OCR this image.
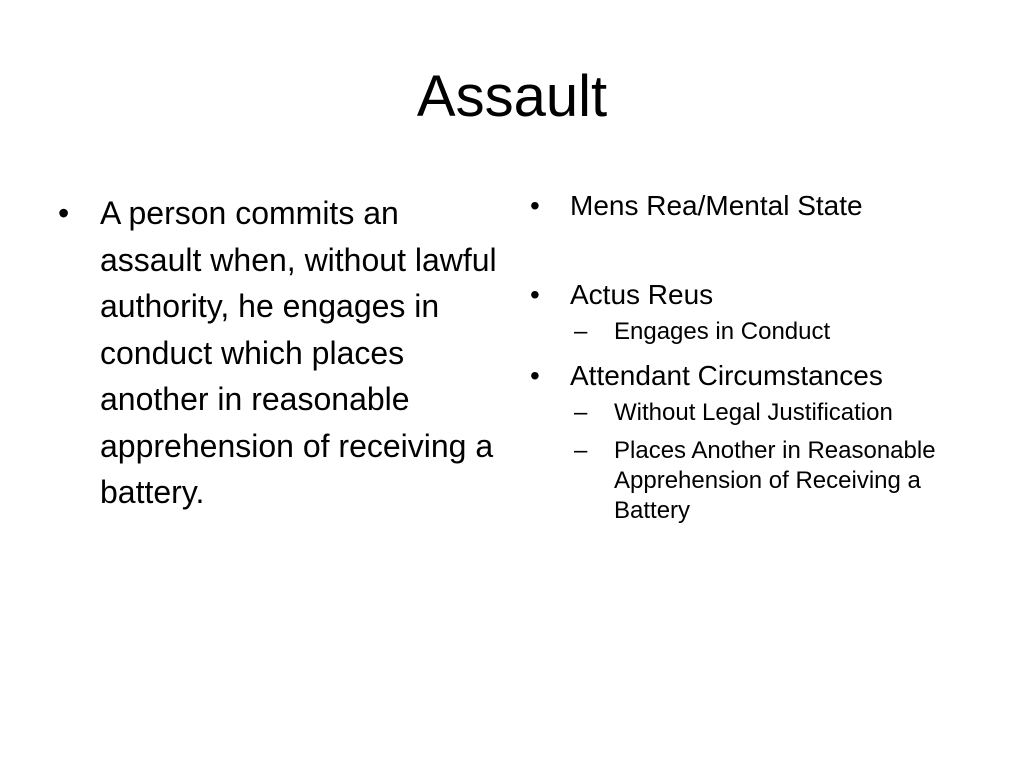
Assault
• A person commits an assault when, without lawful authority, he engages in conduct which places another in reasonable apprehension of receiving a battery.
• Mens Rea/Mental State
• Actus Reus
– Engages in Conduct
• Attendant Circumstances
– Without Legal Justification
– Places Another in Reasonable Apprehension of Receiving a Battery
